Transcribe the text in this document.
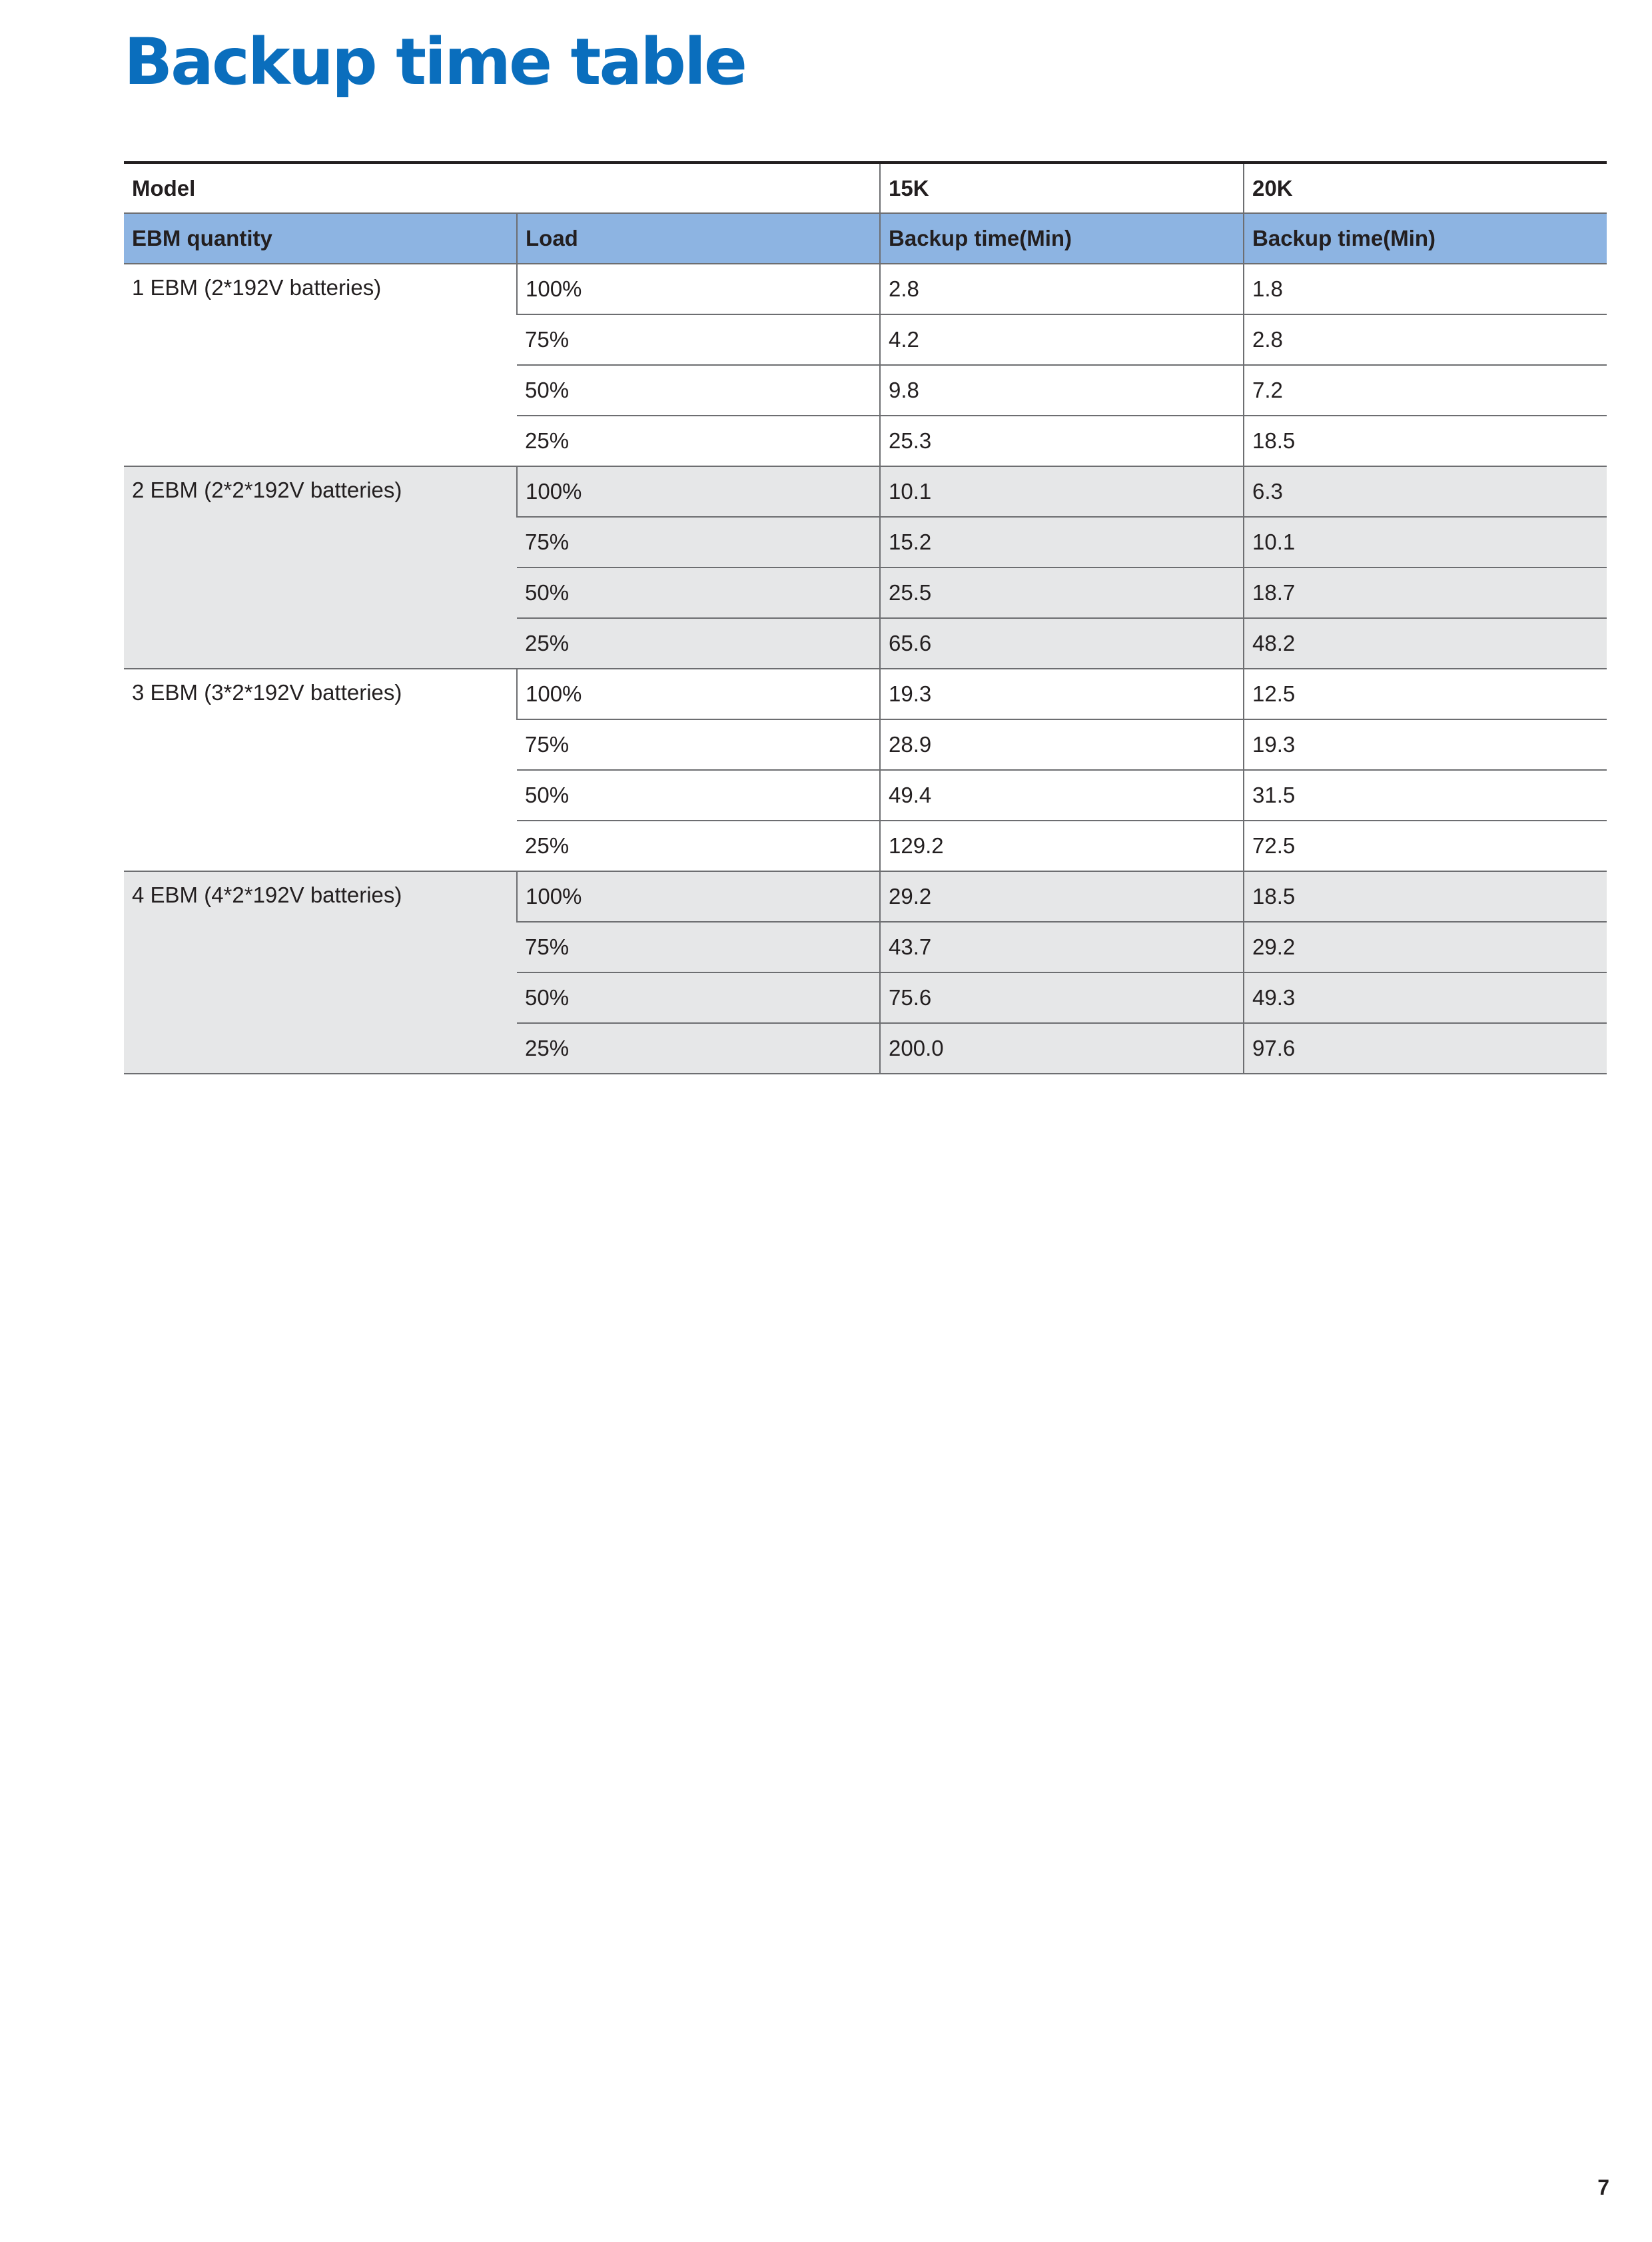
Backup time table
Model		15K	20K
EBM quantity	Load	Backup time(Min)	Backup time(Min)
1 EBM (2*192V batteries)	100%	2.8	1.8
	75%	4.2	2.8
	50%	9.8	7.2
	25%	25.3	18.5
2 EBM (2*2*192V batteries)	100%	10.1	6.3
	75%	15.2	10.1
	50%	25.5	18.7
	25%	65.6	48.2
3 EBM (3*2*192V batteries)	100%	19.3	12.5
	75%	28.9	19.3
	50%	49.4	31.5
	25%	129.2	72.5
4 EBM (4*2*192V batteries)	100%	29.2	18.5
	75%	43.7	29.2
	50%	75.6	49.3
	25%	200.0	97.6
7
